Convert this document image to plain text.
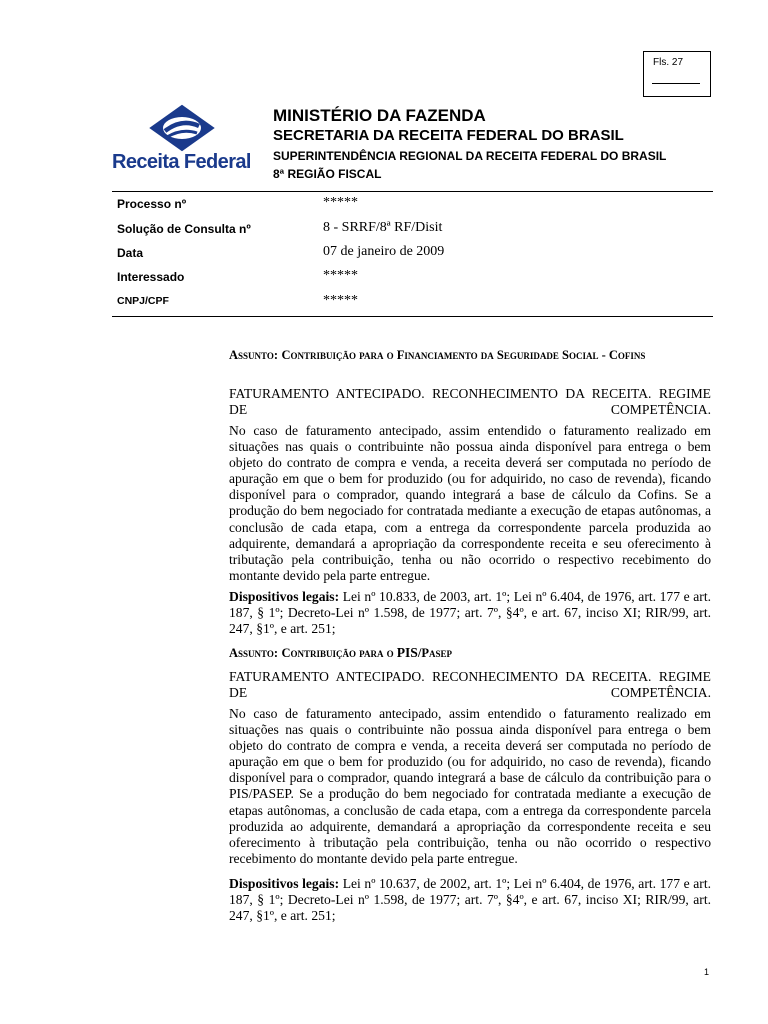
Fls. 27
Receita Federal
MINISTÉRIO DA FAZENDA
SECRETARIA DA RECEITA FEDERAL DO BRASIL
SUPERINTENDÊNCIA REGIONAL DA RECEITA FEDERAL DO BRASIL
8ª REGIÃO FISCAL
Processo nº	*****
Solução de Consulta nº	8 - SRRF/8ª RF/Disit
Data	07 de janeiro de 2009
Interessado	*****
CNPJ/CPF	*****

Assunto: Contribuição para o Financiamento da Seguridade Social - Cofins

FATURAMENTO ANTECIPADO. RECONHECIMENTO DA RECEITA. REGIME DE COMPETÊNCIA.

No caso de faturamento antecipado, assim entendido o faturamento realizado em situações nas quais o contribuinte não possua ainda disponível para entrega o bem objeto do contrato de compra e venda, a receita deverá ser computada no período de apuração em que o bem for produzido (ou for adquirido, no caso de revenda), ficando disponível para o comprador, quando integrará a base de cálculo da Cofins. Se a produção do bem negociado for contratada mediante a execução de etapas autônomas, a conclusão de cada etapa, com a entrega da correspondente parcela produzida ao adquirente, demandará a apropriação da correspondente receita e seu oferecimento à tributação pela contribuição, tenha ou não ocorrido o respectivo recebimento do montante devido pela parte entregue.

Dispositivos legais: Lei nº 10.833, de 2003, art. 1º; Lei nº 6.404, de 1976, art. 177 e art. 187, § 1º; Decreto-Lei nº 1.598, de 1977; art. 7º, §4º, e art. 67, inciso XI; RIR/99, art. 247, §1º, e art. 251;

Assunto: Contribuição para o PIS/Pasep

FATURAMENTO ANTECIPADO. RECONHECIMENTO DA RECEITA. REGIME DE COMPETÊNCIA.

No caso de faturamento antecipado, assim entendido o faturamento realizado em situações nas quais o contribuinte não possua ainda disponível para entrega o bem objeto do contrato de compra e venda, a receita deverá ser computada no período de apuração em que o bem for produzido (ou for adquirido, no caso de revenda), ficando disponível para o comprador, quando integrará a base de cálculo da contribuição para o PIS/PASEP. Se a produção do bem negociado for contratada mediante a execução de etapas autônomas, a conclusão de cada etapa, com a entrega da correspondente parcela produzida ao adquirente, demandará a apropriação da correspondente receita e seu oferecimento à tributação pela contribuição, tenha ou não ocorrido o respectivo recebimento do montante devido pela parte entregue.

Dispositivos legais: Lei nº 10.637, de 2002, art. 1º; Lei nº 6.404, de 1976, art. 177 e art. 187, § 1º; Decreto-Lei nº 1.598, de 1977; art. 7º, §4º, e art. 67, inciso XI; RIR/99, art. 247, §1º, e art. 251;

1
